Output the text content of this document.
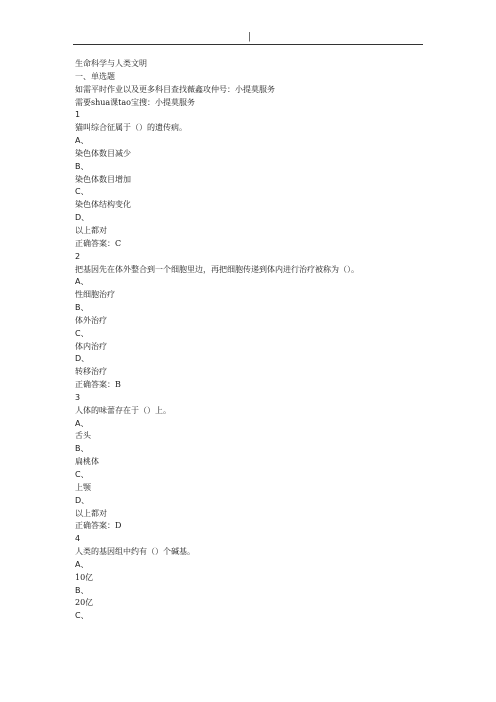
|
生命科学与人类文明
一、单选题
如需平时作业以及更多科目查找薇鑫攻仲号：小提莫服务
需要shua课tao宝搜：小提莫服务
1
猫叫综合征属于（）的遗传病。
A、
染色体数目减少
B、
染色体数目增加
C、
染色体结构变化
D、
以上都对
正确答案：C
2
把基因先在体外整合到一个细胞里边，再把细胞传递到体内进行治疗被称为（）。
A、
性细胞治疗
B、
体外治疗
C、
体内治疗
D、
转移治疗
正确答案：B
3
人体的味蕾存在于（）上。
A、
舌头
B、
扁桃体
C、
上颚
D、
以上都对
正确答案：D
4
人类的基因组中约有（）个碱基。
A、
10亿
B、
20亿
C、
